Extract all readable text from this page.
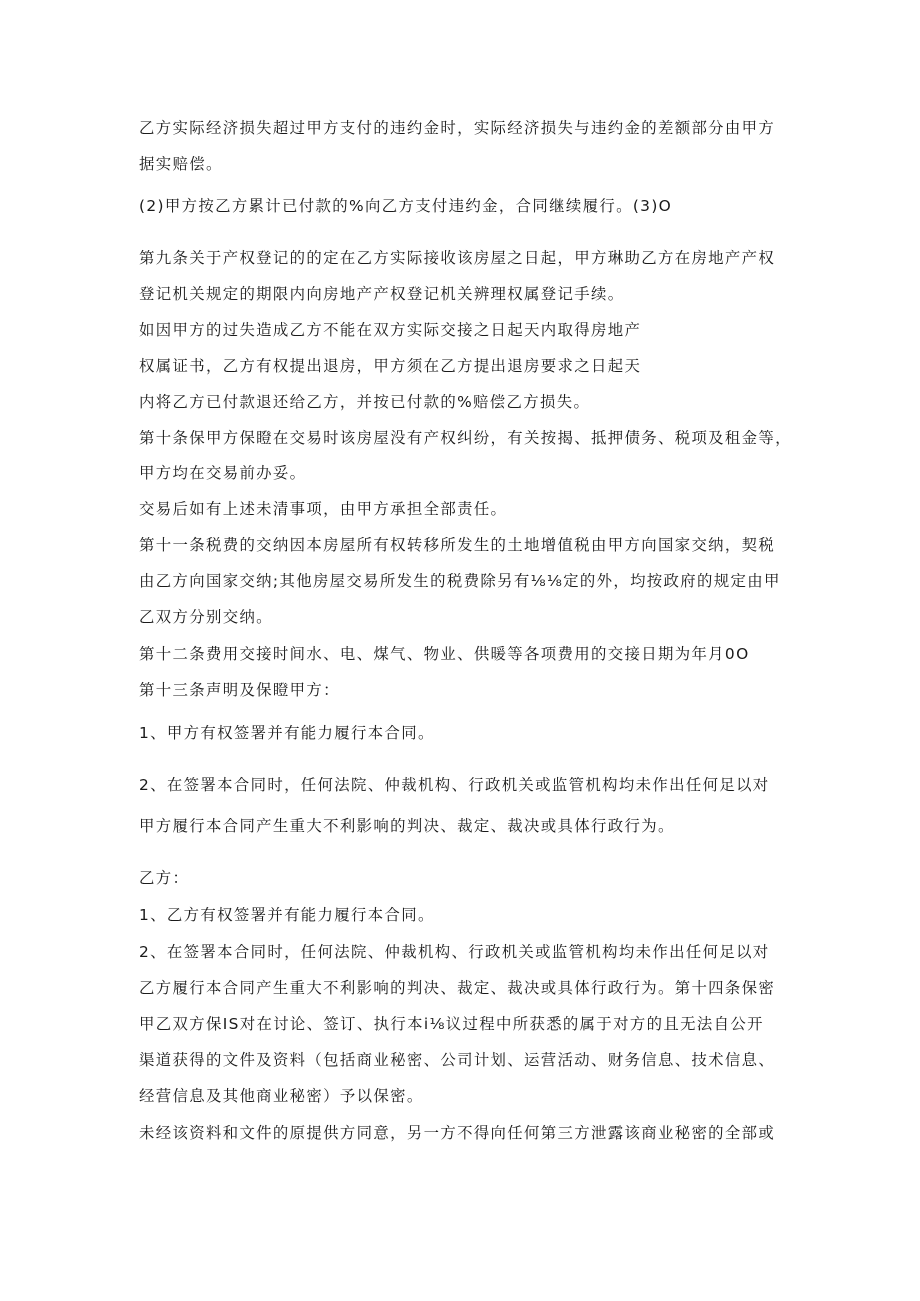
乙方实际经济损失超过甲方支付的违约金时，实际经济损失与违约金的差额部分由甲方
据实赔偿。
(2)甲方按乙方累计已付款的%向乙方支付违约金，合同继续履行。(3)O
第九条关于产权登记的的定在乙方实际接收该房屋之日起，甲方琳助乙方在房地产产权
登记机关规定的期限内向房地产产权登记机关辨理权属登记手续。
如因甲方的过失造成乙方不能在双方实际交接之日起天内取得房地产
权属证书，乙方有权提出退房，甲方须在乙方提出退房要求之日起天
内将乙方已付款退还给乙方，并按已付款的%赔偿乙方损失。
第十条保甲方保瞪在交易时该房屋没有产权纠纷，有关按揭、抵押债务、税项及租金等，
甲方均在交易前办妥。
交易后如有上述未清事项，由甲方承担全部责任。
第十一条税费的交纳因本房屋所有权转移所发生的土地增值税由甲方向国家交纳，契税
由乙方向国家交纳;其他房屋交易所发生的税费除另有⅛⅛定的外，均按政府的规定由甲
乙双方分别交纳。
第十二条费用交接时间水、电、煤气、物业、供暖等各项费用的交接日期为年月0O
第十三条声明及保瞪甲方：
1、甲方有权签署并有能力履行本合同。
2、在签署本合同时，任何法院、仲裁机构、行政机关或监管机构均未作出任何足以对
甲方履行本合同产生重大不利影响的判决、裁定、裁决或具体行政行为。
乙方：
1、乙方有权签署并有能力履行本合同。
2、在签署本合同时，任何法院、仲裁机构、行政机关或监管机构均未作出任何足以对
乙方履行本合同产生重大不利影响的判决、裁定、裁决或具体行政行为。第十四条保密
甲乙双方保IS对在讨论、签订、执行本i⅛议过程中所获悉的属于对方的且无法自公开
渠道获得的文件及资料（包括商业秘密、公司计划、运营活动、财务信息、技术信息、
经营信息及其他商业秘密）予以保密。
未经该资料和文件的原提供方同意，另一方不得向任何第三方泄露该商业秘密的全部或
